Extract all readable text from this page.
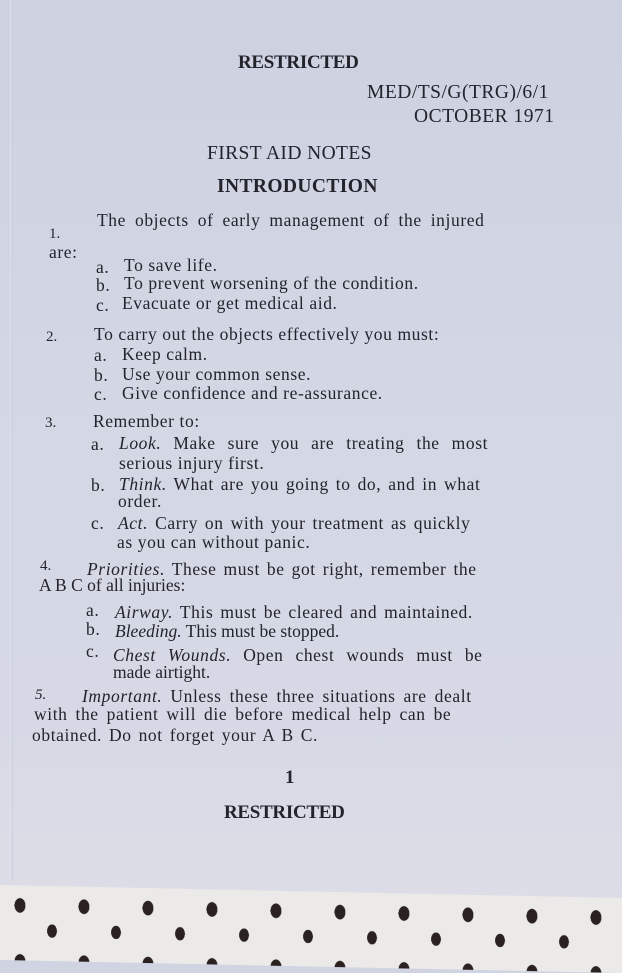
RESTRICTED
MED/TS/G(TRG)/6/1
OCTOBER 1971
FIRST AID NOTES
INTRODUCTION
1.
The objects of early management of the injured
are:
a. To save life.
b. To prevent worsening of the condition.
c. Evacuate or get medical aid.
2. To carry out the objects effectively you must:
a. Keep calm.
b. Use your common sense.
c. Give confidence and re-assurance.
3. Remember to:
a. Look. Make sure you are treating the most
serious injury first.
b. Think. What are you going to do, and in what
order.
c. Act. Carry on with your treatment as quickly
as you can without panic.
4. Priorities. These must be got right, remember the
A B C of all injuries:
a. Airway. This must be cleared and maintained.
b. Bleeding. This must be stopped.
c. Chest Wounds. Open chest wounds must be
made airtight.
5. Important. Unless these three situations are dealt
with the patient will die before medical help can be
obtained. Do not forget your A B C.
1
RESTRICTED
